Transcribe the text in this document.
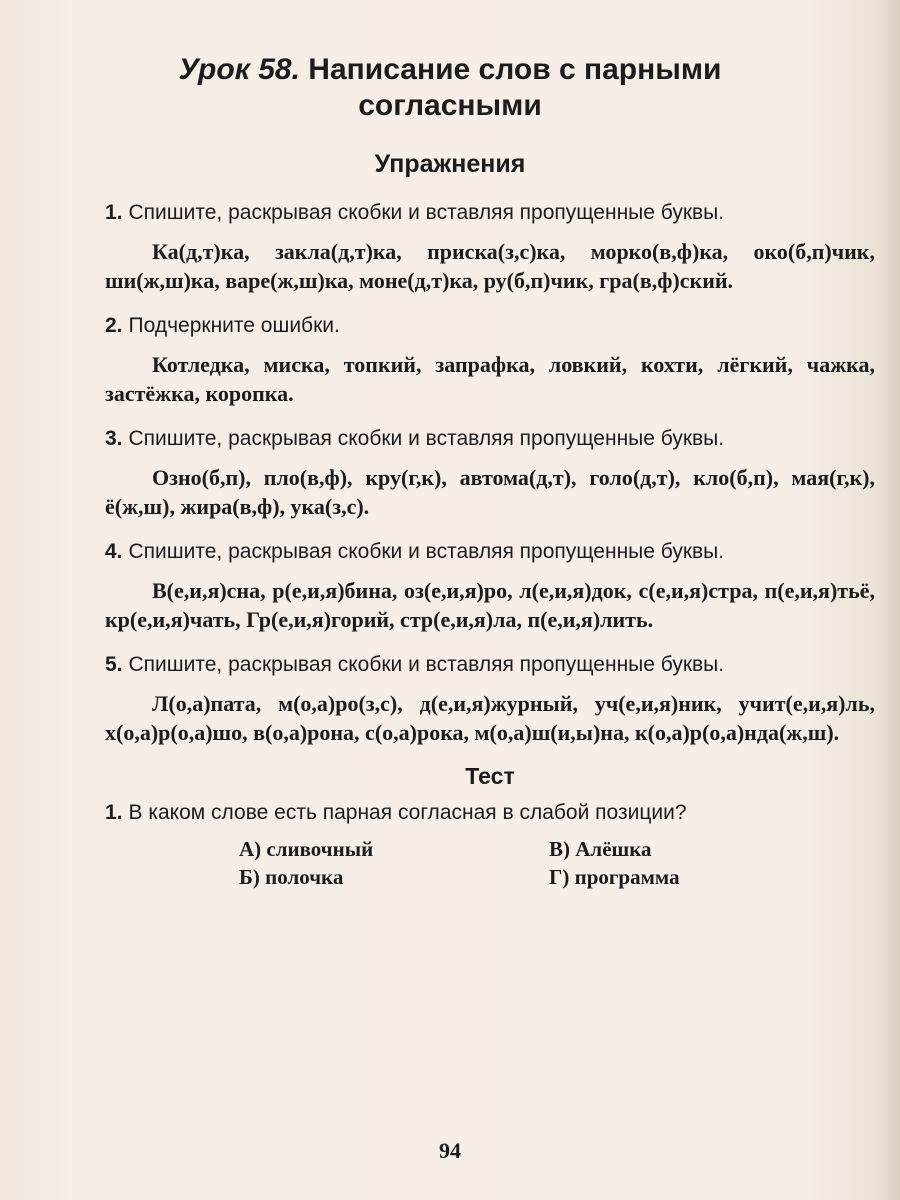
Урок 58. Написание слов с парными согласными
Упражнения

1. Спишите, раскрывая скобки и вставляя пропущенные буквы.

Ка(д,т)ка, закла(д,т)ка, приска(з,с)ка, морко(в,ф)ка, око(б,п)чик, ши(ж,ш)ка, варе(ж,ш)ка, моне(д,т)ка, ру(б,п)чик, гра(в,ф)ский.

2. Подчеркните ошибки.

Котледка, миска, топкий, запрафка, ловкий, кохти, лёгкий, чажка, застёжка, коропка.

3. Спишите, раскрывая скобки и вставляя пропущенные буквы.

Озно(б,п), пло(в,ф), кру(г,к), автома(д,т), голо(д,т), кло(б,п), мая(г,к), ё(ж,ш), жира(в,ф), ука(з,с).

4. Спишите, раскрывая скобки и вставляя пропущенные буквы.

В(е,и,я)сна, р(е,и,я)бина, оз(е,и,я)ро, л(е,и,я)док, с(е,и,я)стра, п(е,и,я)тьё, кр(е,и,я)чать, Гр(е,и,я)горий, стр(е,и,я)ла, п(е,и,я)лить.

5. Спишите, раскрывая скобки и вставляя пропущенные буквы.

Л(о,а)пата, м(о,а)ро(з,с), д(е,и,я)журный, уч(е,и,я)ник, учит(е,и,я)ль, х(о,а)р(о,а)шо, в(о,а)рона, с(о,а)рока, м(о,а)ш(и,ы)на, к(о,а)р(о,а)нда(ж,ш).

Тест

1. В каком слове есть парная согласная в слабой позиции?

А) сливочный	В) Алёшка
Б) полочка	Г) программа
94
